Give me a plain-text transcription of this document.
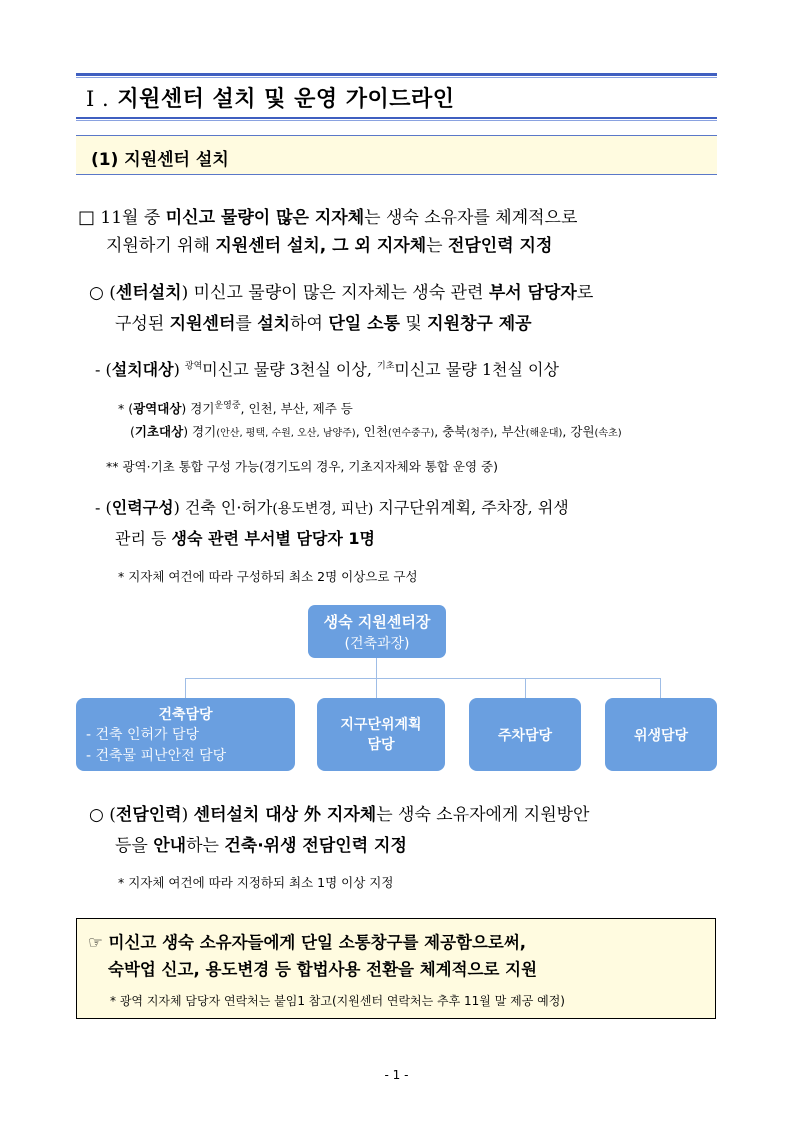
I . 지원센터 설치 및 운영 가이드라인
(1) 지원센터 설치
□ 11월 중 미신고 물량이 많은 지자체는 생숙 소유자를 체계적으로
지원하기 위해 지원센터 설치, 그 외 지자체는 전담인력 지정
○ (센터설치) 미신고 물량이 많은 지자체는 생숙 관련 부서 담당자로
구성된 지원센터를 설치하여 단일 소통 및 지원창구 제공
- (설치대상) $^{광역}$미신고 물량 3천실 이상, $^{기초}$미신고 물량 1천실 이상
* (광역대상) 경기$^{운영중}$, 인천, 부산, 제주 등
(기초대상) 경기(안산, 평택, 수원, 오산, 남양주), 인천(연수중구), 충북(청주), 부산(해운대), 강원(속초)
** 광역·기초 통합 구성 가능(경기도의 경우, 기초지자체와 통합 운영 중)
- (인력구성) 건축 인·허가(용도변경, 피난) 지구단위계획, 주차장, 위생
관리 등 생숙 관련 부서별 담당자 1명
* 지자체 여건에 따라 구성하되 최소 2명 이상으로 구성
생숙 지원센터장
(건축과장)
건축담당
- 건축 인허가 담당
- 건축물 피난안전 담당
지구단위계획
담당
주차담당	위생담당
○ (전담인력) 센터설치 대상 外 지자체는 생숙 소유자에게 지원방안
등을 안내하는 건축·위생 전담인력 지정
* 지자체 여건에 따라 지정하되 최소 1명 이상 지정
☞ 미신고 생숙 소유자들에게 단일 소통창구를 제공함으로써,
숙박업 신고, 용도변경 등 합법사용 전환을 체계적으로 지원
* 광역 지자체 담당자 연락처는 붙임1 참고(지원센터 연락처는 추후 11월 말 제공 예정)
- 1 -
